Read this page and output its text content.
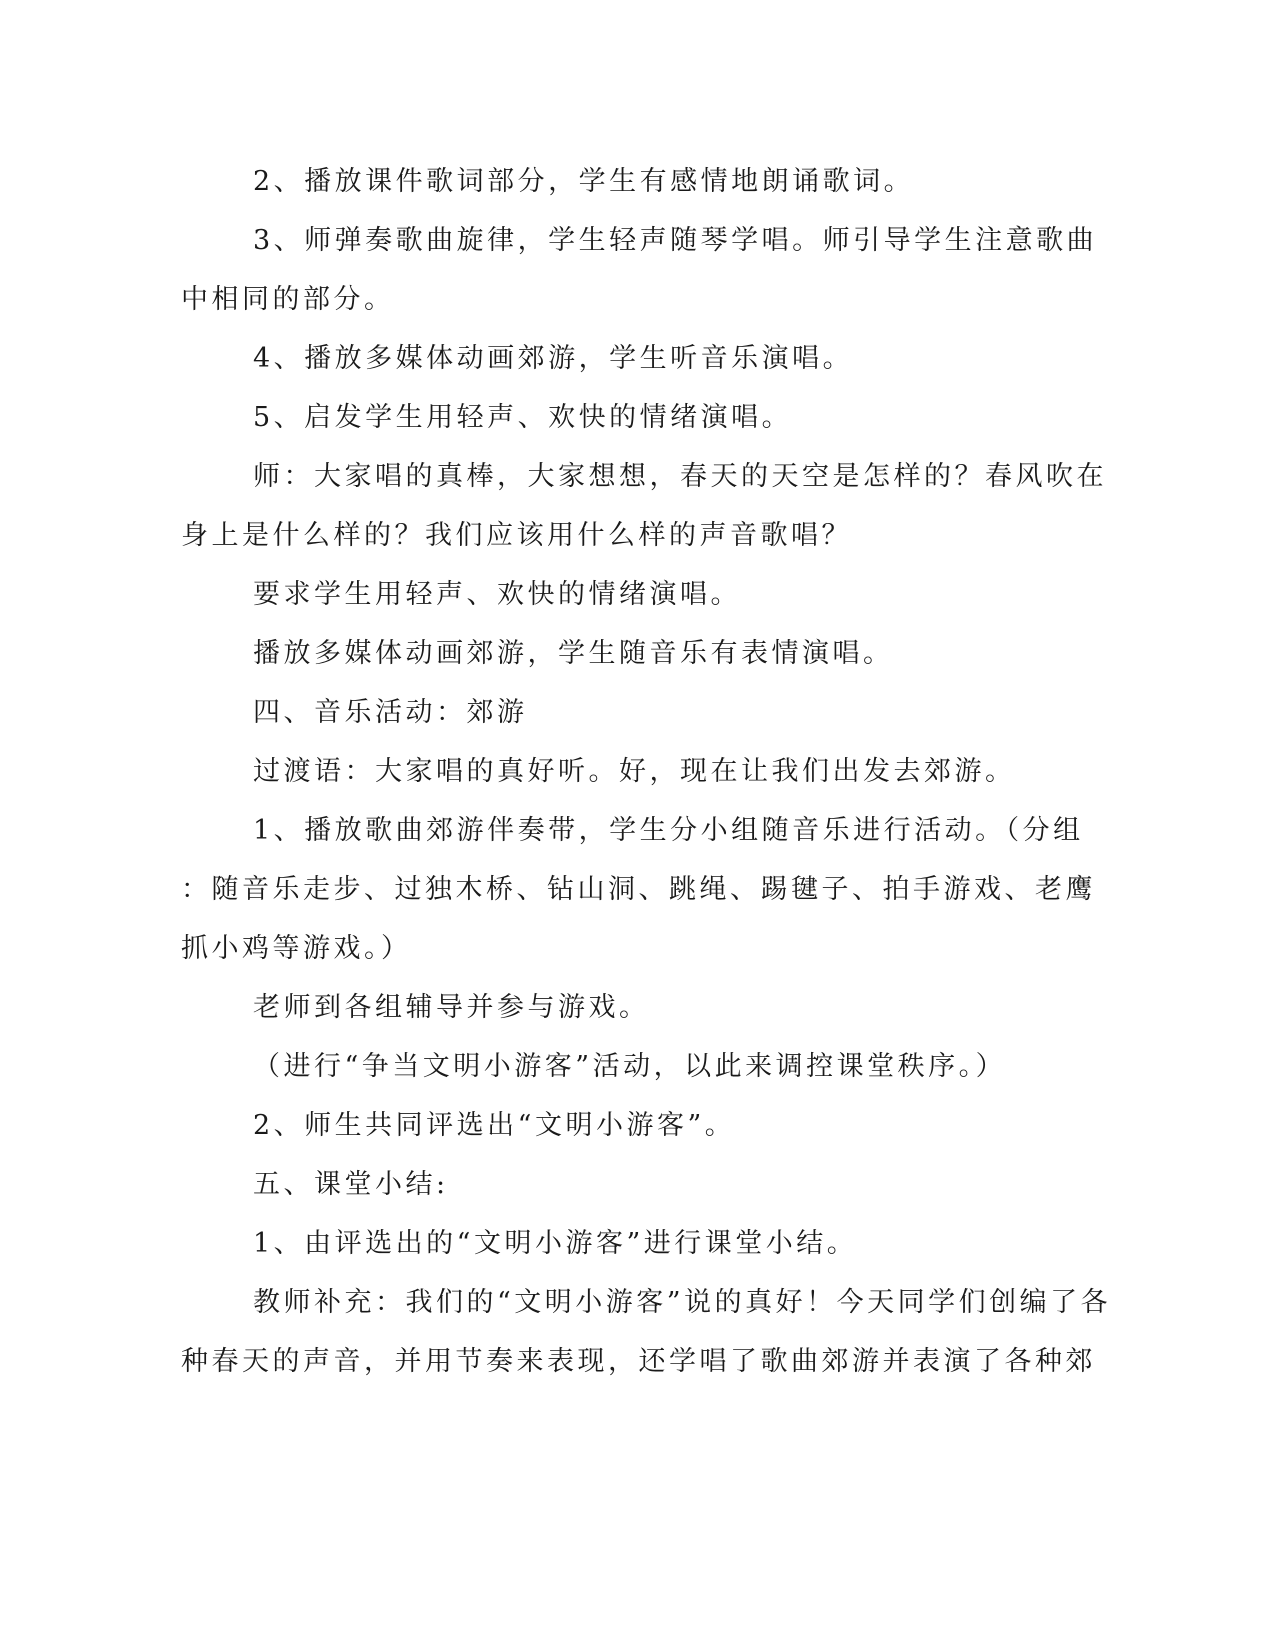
2、播放课件歌词部分，学生有感情地朗诵歌词。
3、师弹奏歌曲旋律，学生轻声随琴学唱。师引导学生注意歌曲
中相同的部分。
4、播放多媒体动画郊游，学生听音乐演唱。
5、启发学生用轻声、欢快的情绪演唱。
师：大家唱的真棒，大家想想，春天的天空是怎样的？春风吹在
身上是什么样的？我们应该用什么样的声音歌唱？
要求学生用轻声、欢快的情绪演唱。
播放多媒体动画郊游，学生随音乐有表情演唱。
四、音乐活动：郊游
过渡语：大家唱的真好听。好，现在让我们出发去郊游。
1、播放歌曲郊游伴奏带，学生分小组随音乐进行活动。（分组
：随音乐走步、过独木桥、钻山洞、跳绳、踢毽子、拍手游戏、老鹰
抓小鸡等游戏。）
老师到各组辅导并参与游戏。
（进行“争当文明小游客”活动，以此来调控课堂秩序。）
2、师生共同评选出“文明小游客”。
五、课堂小结:
1、由评选出的“文明小游客”进行课堂小结。
教师补充：我们的“文明小游客”说的真好！今天同学们创编了各
种春天的声音，并用节奏来表现，还学唱了歌曲郊游并表演了各种郊
